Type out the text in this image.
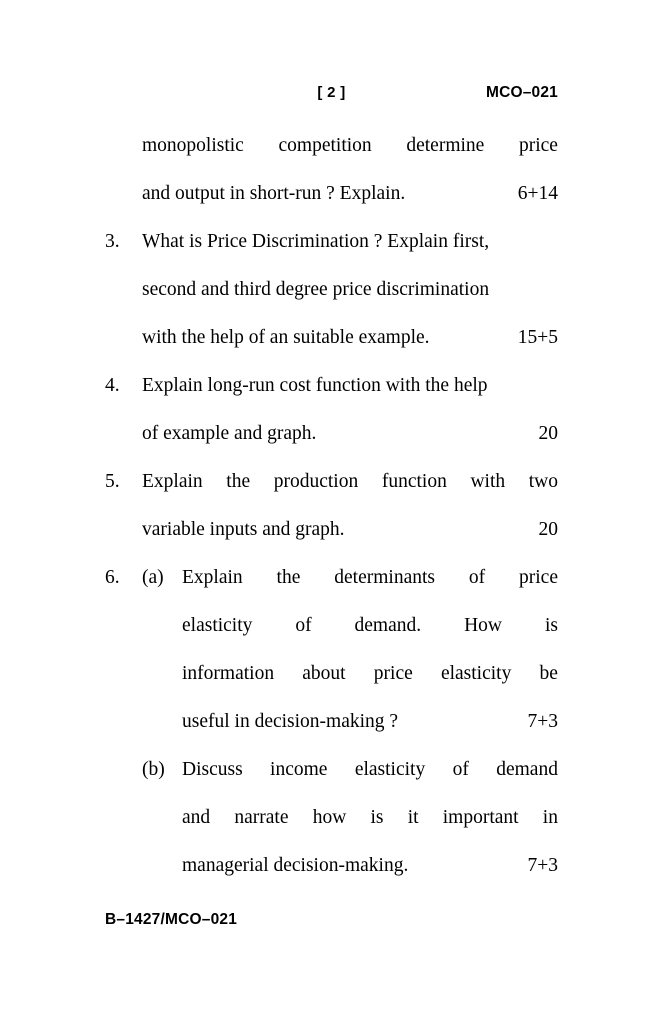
[ 2 ]	MCO–021
monopolistic competition determine price
and output in short-run ? Explain.	6+14
3.	What is Price Discrimination ? Explain first,
second and third degree price discrimination
with the help of an suitable example.	15+5
4.	Explain long-run cost function with the help
of example and graph.	20
5.	Explain the production function with two
variable inputs and graph.	20
6.	(a) Explain the determinants of price
elasticity of demand. How is
information about price elasticity be
useful in decision-making ?	7+3
(b) Discuss income elasticity of demand
and narrate how is it important in
managerial decision-making.	7+3
B–1427/MCO–021
